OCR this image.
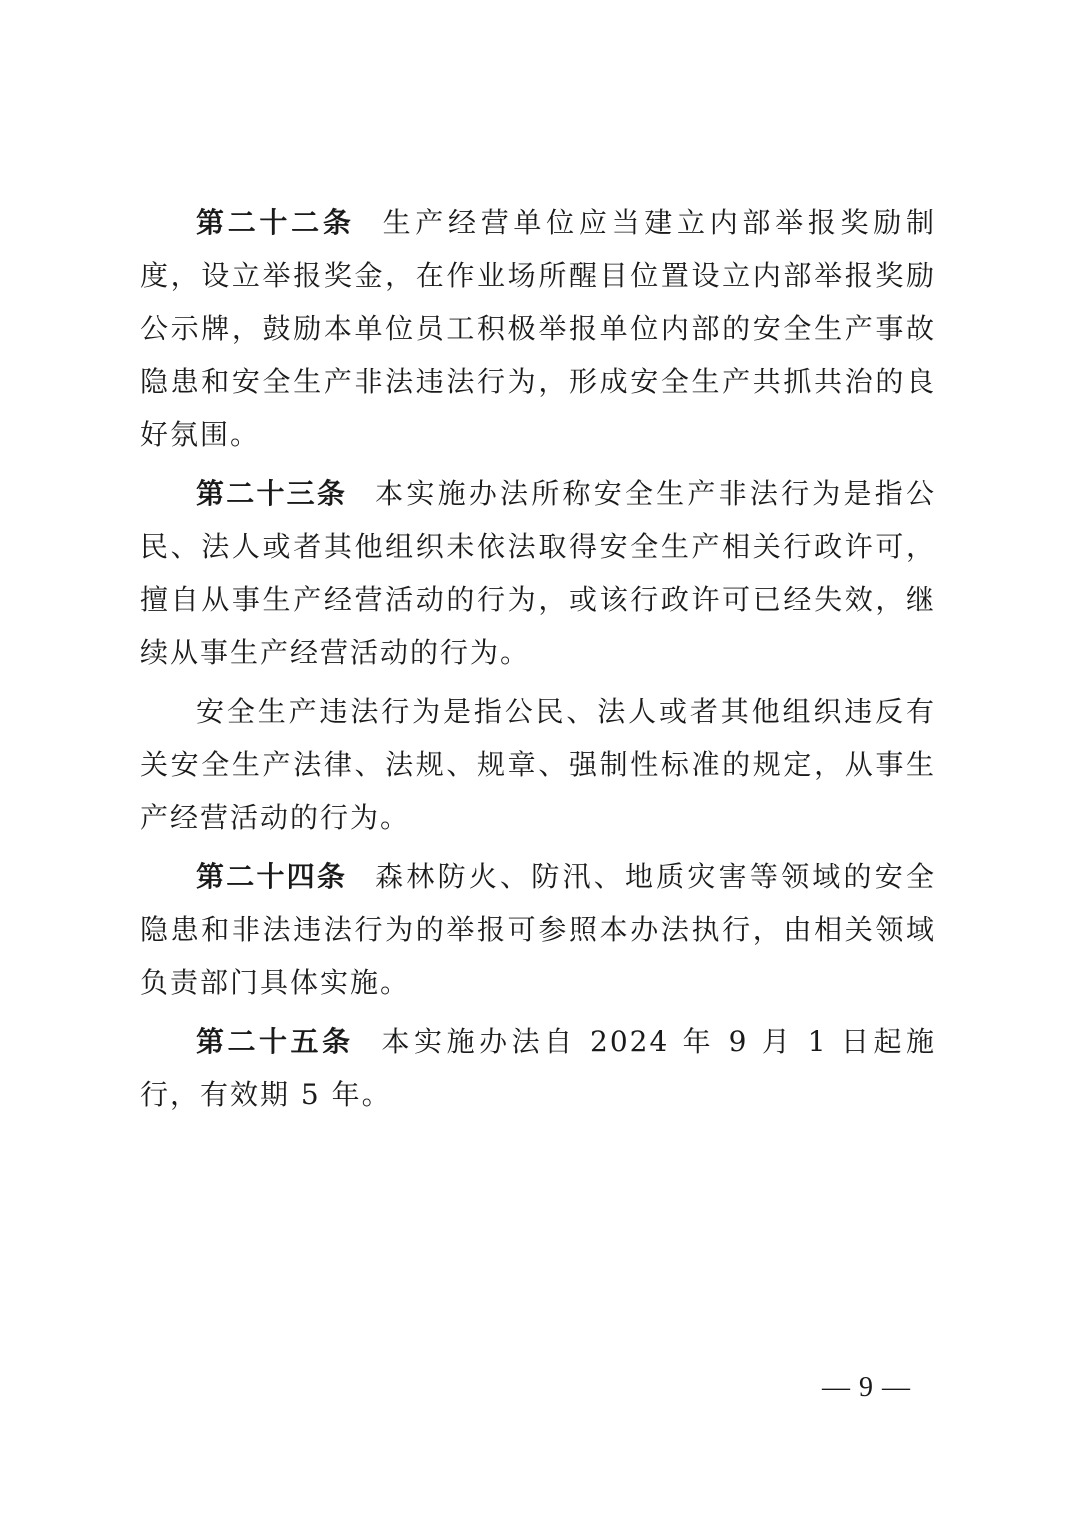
第二十二条 生产经营单位应当建立内部举报奖励制度，设立举报奖金，在作业场所醒目位置设立内部举报奖励公示牌，鼓励本单位员工积极举报单位内部的安全生产事故隐患和安全生产非法违法行为，形成安全生产共抓共治的良好氛围。

第二十三条 本实施办法所称安全生产非法行为是指公民、法人或者其他组织未依法取得安全生产相关行政许可，擅自从事生产经营活动的行为，或该行政许可已经失效，继续从事生产经营活动的行为。

安全生产违法行为是指公民、法人或者其他组织违反有关安全生产法律、法规、规章、强制性标准的规定，从事生产经营活动的行为。

第二十四条 森林防火、防汛、地质灾害等领域的安全隐患和非法违法行为的举报可参照本办法执行，由相关领域负责部门具体实施。

第二十五条 本实施办法自 2024 年 9 月 1 日起施行，有效期 5 年。

— 9 —
